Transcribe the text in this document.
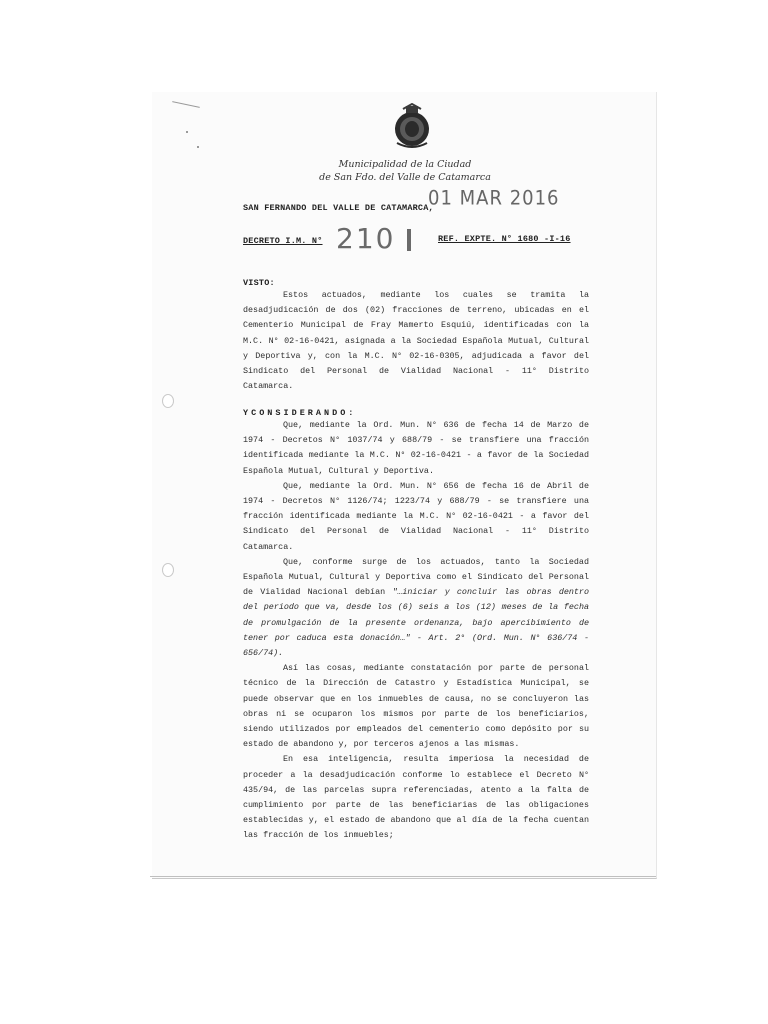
Municipalidad de la Ciudad
de San Fdo. del Valle de Catamarca
SAN FERNANDO DEL VALLE DE CATAMARCA,
01 MAR 2016
DECRETO I.M. N° 210	REF. EXPTE. N° 1680 -I-16
VISTO:

Estos actuados, mediante los cuales se tramita la desadjudicación de dos (02) fracciones de terreno, ubicadas en el Cementerio Municipal de Fray Mamerto Esquiú, identificadas con la M.C. N° 02-16-0421, asignada a la Sociedad Española Mutual, Cultural y Deportiva y, con la M.C. N° 02-16-0305, adjudicada a favor del Sindicato del Personal de Vialidad Nacional - 11° Distrito Catamarca.

YCONSIDERANDO:

Que, mediante la Ord. Mun. N° 636 de fecha 14 de Marzo de 1974 - Decretos N° 1037/74 y 688/79 - se transfiere una fracción identificada mediante la M.C. N° 02-16-0421 - a favor de la Sociedad Española Mutual, Cultural y Deportiva.

Que, mediante la Ord. Mun. N° 656 de fecha 16 de Abril de 1974 - Decretos N° 1126/74; 1223/74 y 688/79 - se transfiere una fracción identificada mediante la M.C. N° 02-16-0421 - a favor del Sindicato del Personal de Vialidad Nacional - 11° Distrito Catamarca.

Que, conforme surge de los actuados, tanto la Sociedad Española Mutual, Cultural y Deportiva como el Sindicato del Personal de Vialidad Nacional debían "…iniciar y concluir las obras dentro del periodo que va, desde los (6) seis a los (12) meses de la fecha de promulgación de la presente ordenanza, bajo apercibimiento de tener por caduca esta donación…" - Art. 2° (Ord. Mun. N° 636/74 - 656/74).

Así las cosas, mediante constatación por parte de personal técnico de la Dirección de Catastro y Estadística Municipal, se puede observar que en los inmuebles de causa, no se concluyeron las obras ni se ocuparon los mismos por parte de los beneficiarios, siendo utilizados por empleados del cementerio como depósito por su estado de abandono y, por terceros ajenos a las mismas.

En esa inteligencia, resulta imperiosa la necesidad de proceder a la desadjudicación conforme lo establece el Decreto N° 435/94, de las parcelas supra referenciadas, atento a la falta de cumplimiento por parte de las beneficiarias de las obligaciones establecidas y, el estado de abandono que al día de la fecha cuentan las fracción de los inmuebles;
